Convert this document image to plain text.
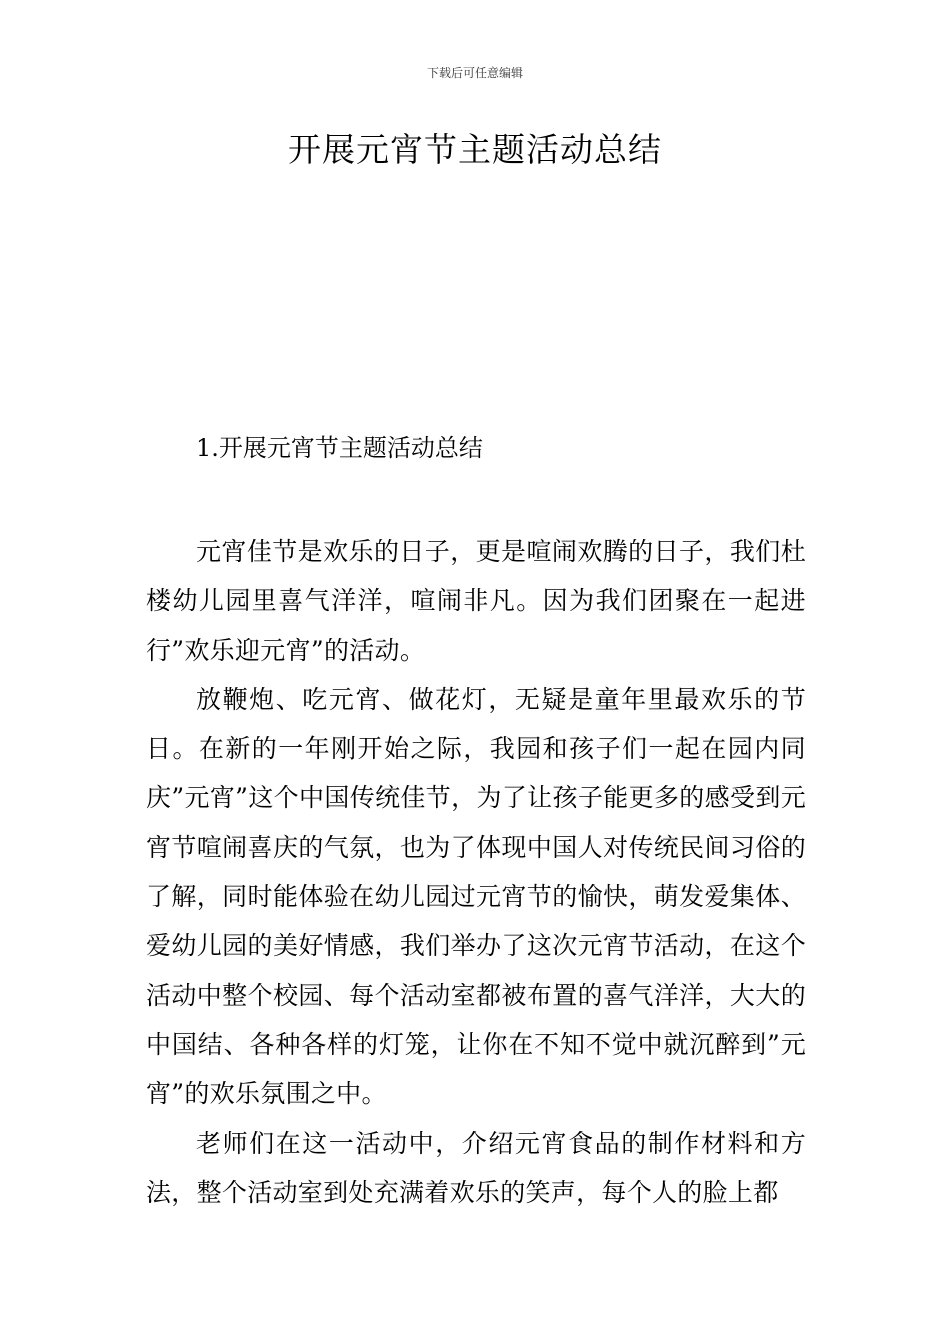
下载后可任意编辑
开展元宵节主题活动总结
1.开展元宵节主题活动总结

元宵佳节是欢乐的日子，更是喧闹欢腾的日子，我们杜楼幼儿园里喜气洋洋，喧闹非凡。因为我们团聚在一起进行”欢乐迎元宵”的活动。

放鞭炮、吃元宵、做花灯，无疑是童年里最欢乐的节日。在新的一年刚开始之际，我园和孩子们一起在园内同庆”元宵”这个中国传统佳节，为了让孩子能更多的感受到元宵节喧闹喜庆的气氛，也为了体现中国人对传统民间习俗的了解，同时能体验在幼儿园过元宵节的愉快，萌发爱集体、爱幼儿园的美好情感，我们举办了这次元宵节活动，在这个活动中整个校园、每个活动室都被布置的喜气洋洋，大大的中国结、各种各样的灯笼，让你在不知不觉中就沉醉到”元宵”的欢乐氛围之中。

老师们在这一活动中，介绍元宵食品的制作材料和方法，整个活动室到处充满着欢乐的笑声，每个人的脸上都
